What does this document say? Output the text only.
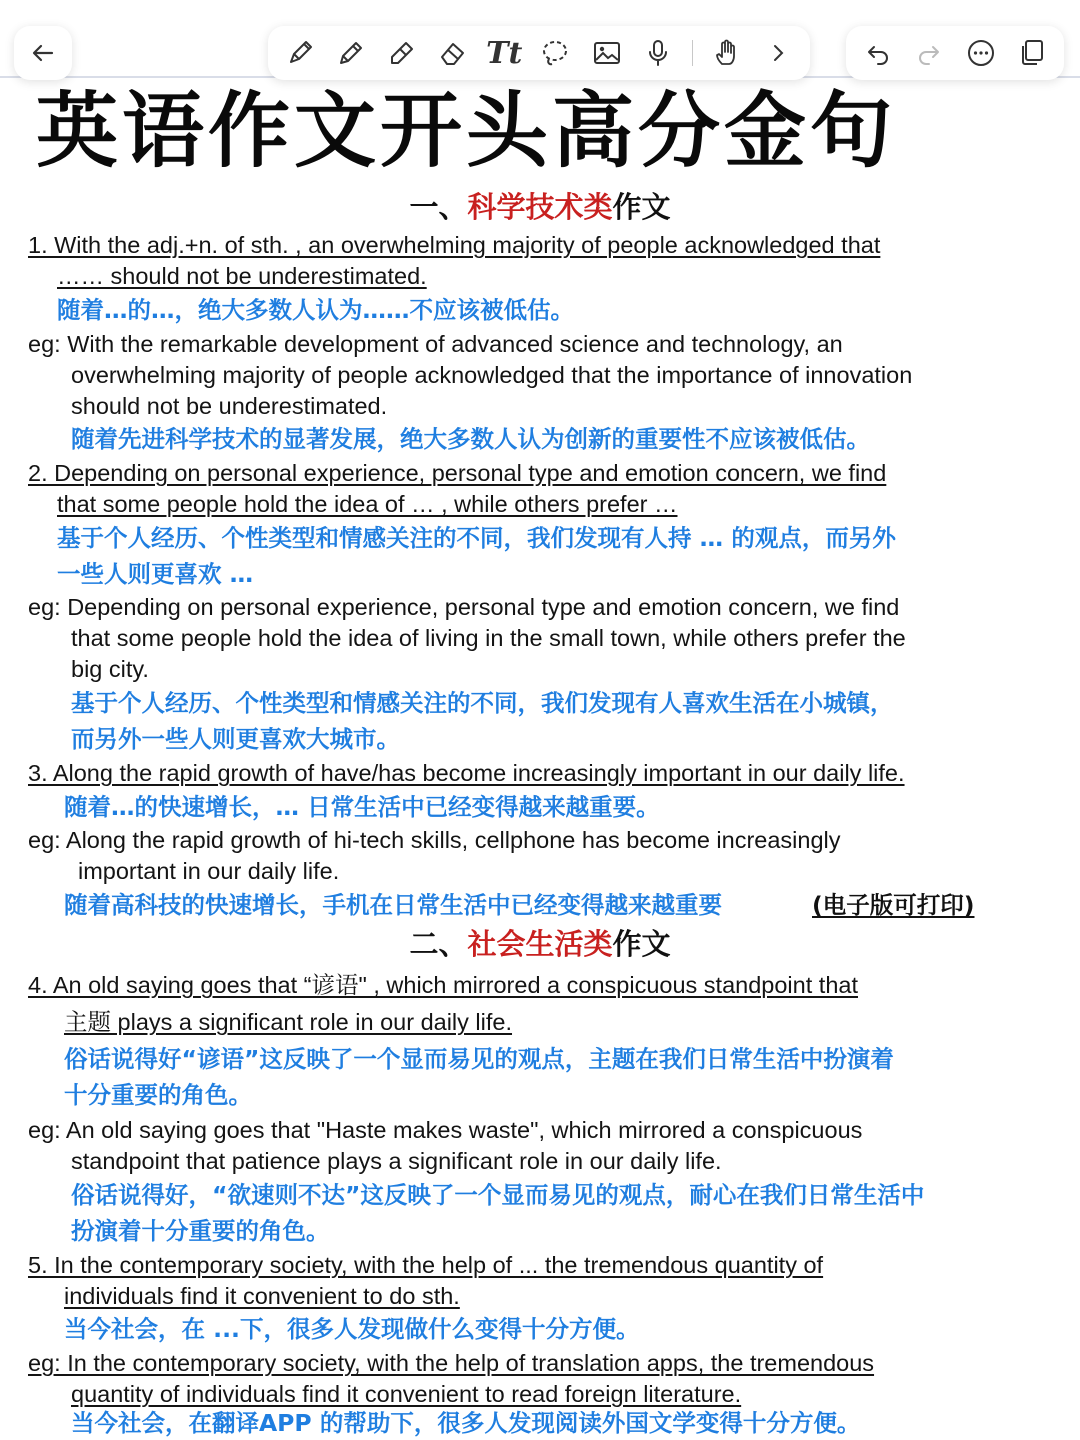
Tt
英语作文开头高分金句
一、科学技术类作文
1. With the adj.+n. of sth. , an overwhelming majority of people acknowledged that
…… should not be underestimated.
随着…的…，绝大多数人认为……不应该被低估。
eg: With the remarkable development of advanced science and technology, an
overwhelming majority of people acknowledged that the importance of innovation
should not be underestimated.
随着先进科学技术的显著发展，绝大多数人认为创新的重要性不应该被低估。
2. Depending on personal experience, personal type and emotion concern, we find
that some people hold the idea of … , while others prefer …
基于个人经历、个性类型和情感关注的不同，我们发现有人持 … 的观点，而另外
一些人则更喜欢 …
eg: Depending on personal experience, personal type and emotion concern, we find
that some people hold the idea of living in the small town, while others prefer the
big city.
基于个人经历、个性类型和情感关注的不同，我们发现有人喜欢生活在小城镇，
而另外一些人则更喜欢大城市。
3. Along the rapid growth of have/has become increasingly important in our daily life.
随着…的快速增长，… 日常生活中已经变得越来越重要。
eg: Along the rapid growth of hi-tech skills, cellphone has become increasingly
important in our daily life.
随着高科技的快速增长，手机在日常生活中已经变得越来越重要	(电子版可打印)
二、社会生活类作文
4. An old saying goes that “谚语" , which mirrored a conspicuous standpoint that
主题 plays a significant role in our daily life.
俗话说得好“谚语”这反映了一个显而易见的观点，主题在我们日常生活中扮演着
十分重要的角色。
eg: An old saying goes that "Haste makes waste", which mirrored a conspicuous
standpoint that patience plays a significant role in our daily life.
俗话说得好，“欲速则不达”这反映了一个显而易见的观点，耐心在我们日常生活中
扮演着十分重要的角色。
5. In the contemporary society, with the help of ... the tremendous quantity of
individuals find it convenient to do sth.
当今社会，在 ...下，很多人发现做什么变得十分方便。
eg: In the contemporary society, with the help of translation apps, the tremendous
quantity of individuals find it convenient to read foreign literature.
当今社会，在翻译APP 的帮助下，很多人发现阅读外国文学变得十分方便。
